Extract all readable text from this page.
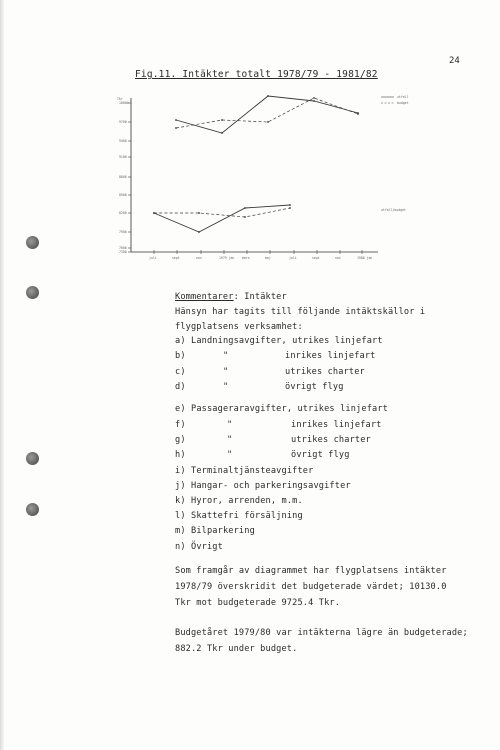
24
Fig.11. Intäkter totalt 1978/79 - 1981/82
10000
9700
9400
9100
8800
8500
8200
7900
7600
7300
juli	sept	nov	1979 jan mars	maj	juli	sept	nov	1980 jan
utfall
budget
utfall/budget
Tkr
Kommentarer: Intäkter
Hänsyn har tagits till följande intäktskällor i
flygplatsens verksamhet:
a) Landningsavgifter, utrikes linjefart
b)	"	inrikes linjefart
c)	"	utrikes charter
d)	"	övrigt flyg
e) Passageraravgifter, utrikes linjefart
f)	"	inrikes linjefart
g)	"	utrikes charter
h)	"	övrigt flyg
i) Terminaltjänsteavgifter
j) Hangar- och parkeringsavgifter
k) Hyror, arrenden, m.m.
l) Skattefri försäljning
m) Bilparkering
n) Övrigt
Som framgår av diagrammet har flygplatsens intäkter
1978/79 överskridit det budgeterade värdet; 10130.0
Tkr mot budgeterade 9725.4 Tkr.
Budgetåret 1979/80 var intäkterna lägre än budgeterade;
882.2 Tkr under budget.
